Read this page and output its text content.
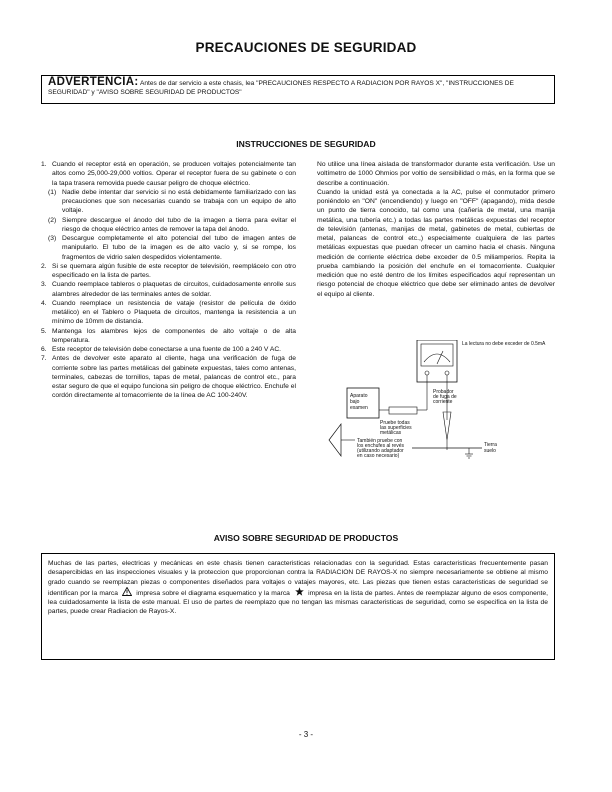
PRECAUCIONES DE SEGURIDAD
ADVERTENCIA: Antes de dar servicio a este chasis, lea "PRECAUCIONES RESPECTO A RADIACION POR RAYOS X", "INSTRUCCIONES DE SEGURIDAD" y "AVISO SOBRE SEGURIDAD DE PRODUCTOS"
INSTRUCCIONES DE SEGURIDAD
1. Cuando el receptor está en operación, se producen voltajes potencialmente tan altos como 25,000-29,000 voltios. Operar el receptor fuera de su gabinete o con la tapa trasera removida puede causar peligro de choque eléctrico.
(1) Nadie debe intentar dar servicio si no está debidamente familiarizado con las precauciones que son necesarias cuando se trabaja con un equipo de alto voltaje.
(2) Siempre descargue el ánodo del tubo de la imagen a tierra para evitar el riesgo de choque eléctrico antes de remover la tapa del ánodo.
(3) Descargue completamente el alto potencial del tubo de imagen antes de manipularlo. El tubo de la imagen es de alto vacío y, si se rompe, los fragmentos de vidrio salen despedidos violentamente.
2. Si se quemara algún fusible de este receptor de televisión, reemplácelo con otro especificado en la lista de partes.
3. Cuando reemplace tableros o plaquetas de circuitos, cuidadosamente enrolle sus alambres alrededor de las terminales antes de soldar.
4. Cuando reemplace un resistencia de vataje (resistor de película de óxido metálico) en el Tablero o Plaqueta de circuitos, mantenga la resistencia a un mínimo de 10mm de distancia.
5. Mantenga los alambres lejos de componentes de alto voltaje o de alta temperatura.
6. Este receptor de televisión debe conectarse a una fuente de 100 a 240 V AC.
7. Antes de devolver este aparato al cliente, haga una verificación de fuga de corriente sobre las partes metálicas del gabinete expuestas, tales como antenas, terminales, cabezas de tornillos, tapas de metal, palancas de control etc., para estar seguro de que el equipo funciona sin peligro de choque eléctrico. Enchufe el cordón directamente al tomacorriente de la línea de AC 100-240V.
No utilice una línea aislada de transformador durante esta verificación. Use un voltímetro de 1000 Ohmios por voltio de sensibilidad o más, en la forma que se describe a continuación.
Cuando la unidad está ya conectada a la AC, pulse el conmutador primero poniéndolo en "ON" (encendiendo) y luego en "OFF" (apagando), mida desde un punto de tierra conocido, tal como una (cañería de metal, una manija metálica, una tubería etc.) a todas las partes metálicas expuestas del receptor de televisión (antenas, manijas de metal, gabinetes de metal, cubiertas de metal, palancas de control etc.,) especialmente cualquiera de las partes metálicas expuestas que puedan ofrecer un camino hacia el chasis. Ninguna medición de corriente eléctrica debe exceder de 0.5 miliamperios. Repita la prueba cambiando la posición del enchufe en el tomacorriente. Cualquier medición que no esté dentro de los límites especificados aquí representan un riesgo potencial de choque eléctrico que debe ser eliminado antes de devolver el equipo al cliente.
La lectura no debe exceder de 0.5mA
Probador
de fuga de
corriente
Aparato
bajo
examen
Pruebe todas
las superficies
metálicas
También pruebe con
los enchufes al revés
(utilizando adaptador
en caso necesario)
Tierra
suelo
AVISO SOBRE SEGURIDAD DE PRODUCTOS
Muchas de las partes, electricas y mecánicas en este chasis tienen caracteristicas relacionadas con la seguridad. Estas caracteristicas frecuentemente pasan desapercibidas en las inspecciones visuales y la proteccion que proporcionan contra la RADIACION DE RAYOS-X no siempre necesariamente se obtiene al mismo grado cuando se reemplazan piezas o componentes diseñados para voltajes o vatajes mayores, etc. Las piezas que tienen estas caracteristicas de seguridad se identifican por la marca	impresa sobre el diagrama esquematico y la marca	impresa en la lista de partes. Antes de reemplazar alguno de esos componente, lea cuidadosamente la lista de este manual. El uso de partes de reemplazo que no tengan las mismas caracteristicas de seguridad, como se especifica en la lista de partes, puede crear Radiacion de Rayos-X.
- 3 -
